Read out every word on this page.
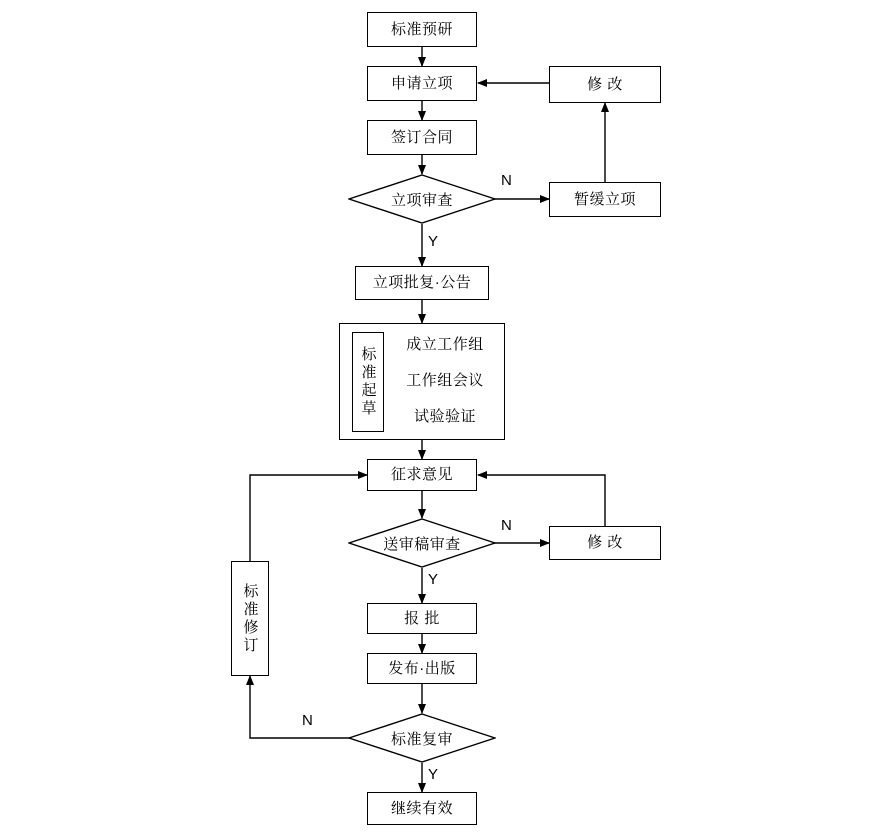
标准起草
标准预研
申请立项
签订合同
修 改
暂缓立项
立项批复·公告
成立工作组
工作组会议
试验验证
征求意见
修 改
标准修订	报 批
发布·出版
继续有效
立项审查
送审稿审查
标准复审
N
Y
N
Y
N
Y
